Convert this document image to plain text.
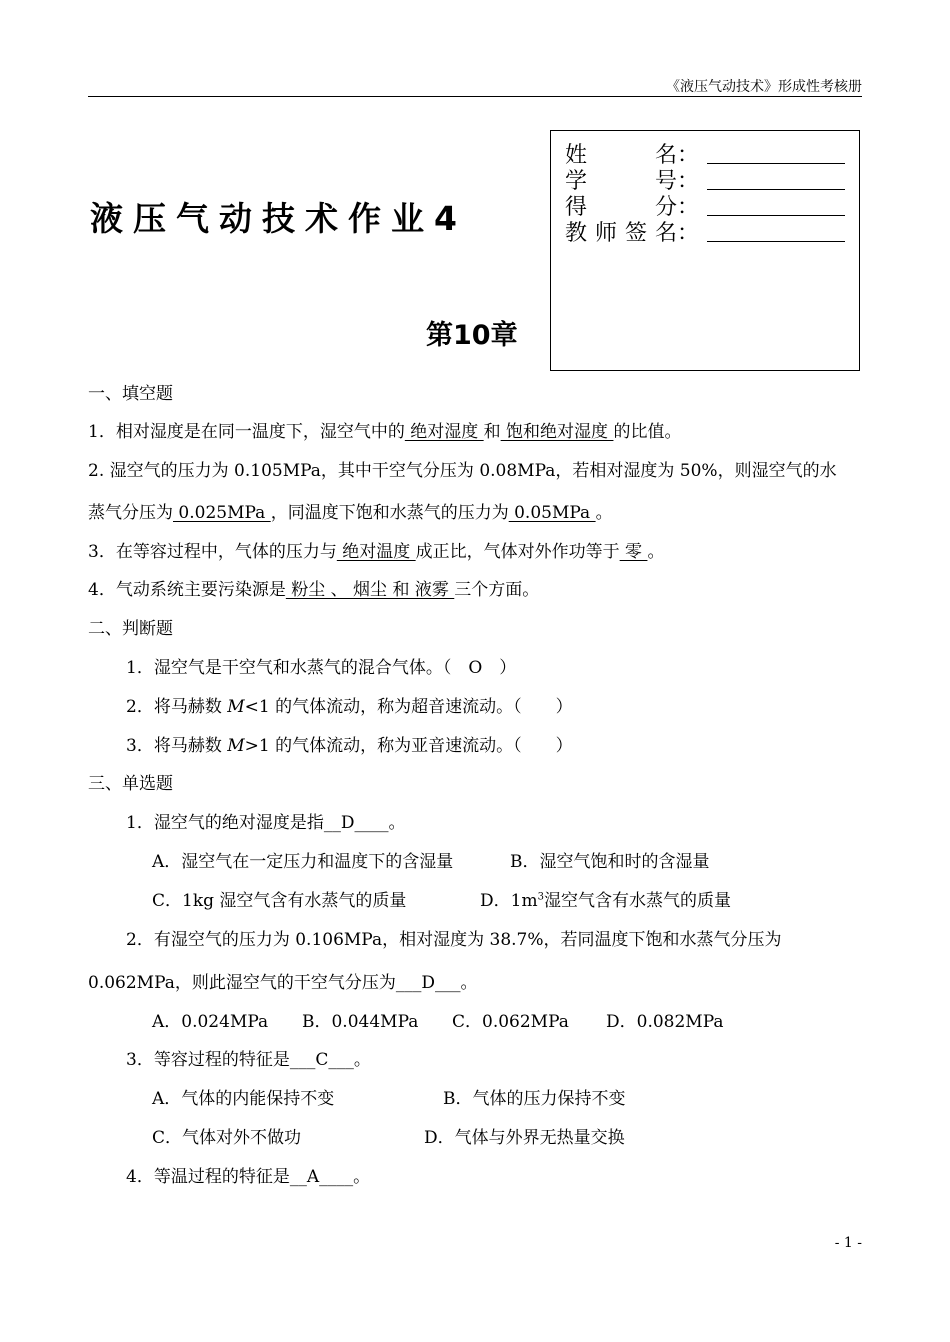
《液压气动技术》形成性考核册
液压气动技术作业4
第10章
姓　　名：
学　　号：
得　　分：
教师签名：
一、填空题
1．相对湿度是在同一温度下，湿空气中的 绝对湿度 和 饱和绝对湿度 的比值。
2. 湿空气的压力为 0.105MPa，其中干空气分压为 0.08MPa，若相对湿度为 50%，则湿空气的水
蒸气分压为 0.025MPa ，同温度下饱和水蒸气的压力为 0.05MPa 。
3．在等容过程中，气体的压力与 绝对温度 成正比，气体对外作功等于 零 。
4．气动系统主要污染源是 粉尘 、 烟尘 和 液雾 三个方面。
二、判断题
1．湿空气是干空气和水蒸气的混合气体。（　O　）
2．将马赫数 M<1 的气体流动，称为超音速流动。（　　）
3．将马赫数 M>1 的气体流动，称为亚音速流动。（　　）
三、单选题
1．湿空气的绝对湿度是指__D____。
A．湿空气在一定压力和温度下的含湿量	B．湿空气饱和时的含湿量
C．1kg 湿空气含有水蒸气的质量	D．$1m^3$湿空气含有水蒸气的质量
2．有湿空气的压力为 0.106MPa，相对湿度为 38.7%，若同温度下饱和水蒸气分压为
0.062MPa，则此湿空气的干空气分压为___D___。
A．0.024MPa B．0.044MPa C．0.062MPa D．0.082MPa
3．等容过程的特征是___C___。
A．气体的内能保持不变	B．气体的压力保持不变
C．气体对外不做功	D．气体与外界无热量交换
4．等温过程的特征是__A____。
- 1 -
